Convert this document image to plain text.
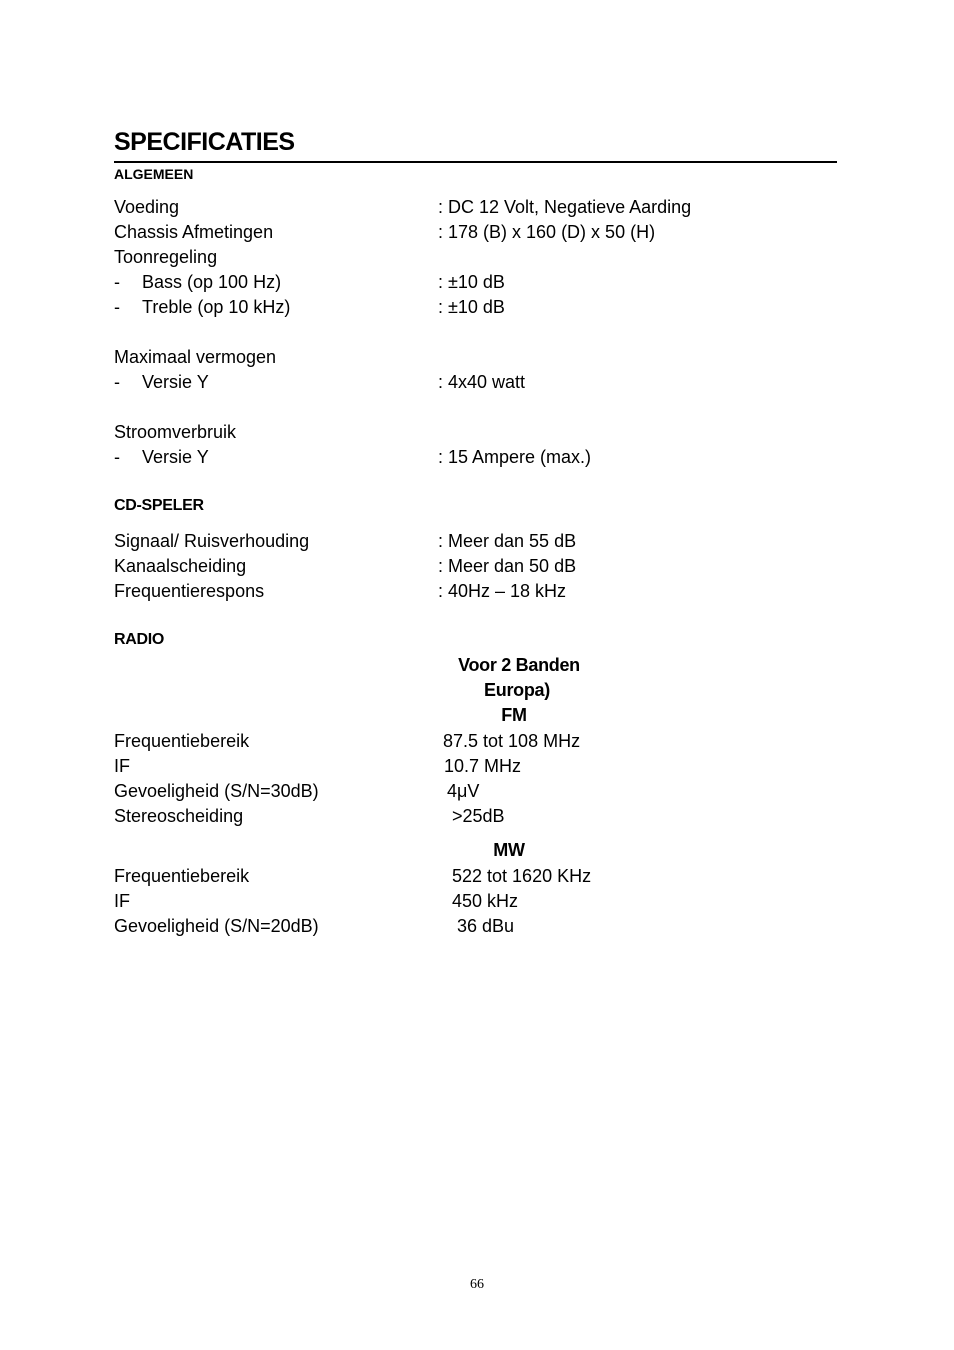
SPECIFICATIES
ALGEMEEN
Voeding	: DC 12 Volt, Negatieve Aarding
Chassis Afmetingen	: 178 (B) x 160 (D) x 50 (H)
Toonregeling
- Bass (op 100 Hz)	: ±10 dB
- Treble (op 10 kHz)	: ±10 dB
Maximaal vermogen
- Versie Y	: 4x40 watt
Stroomverbruik
- Versie Y	: 15 Ampere (max.)
CD-SPELER
Signaal/ Ruisverhouding	: Meer dan 55 dB
Kanaalscheiding	: Meer dan 50 dB
Frequentierespons	: 40Hz – 18 kHz
RADIO
Voor 2 Banden
Europa)
FM
Frequentiebereik	87.5 tot 108 MHz
IF	10.7 MHz
Gevoeligheid (S/N=30dB)	4μV
Stereoscheiding	>25dB
MW
Frequentiebereik	522 tot 1620 KHz
IF	450 kHz
Gevoeligheid (S/N=20dB)	36 dBu
66
